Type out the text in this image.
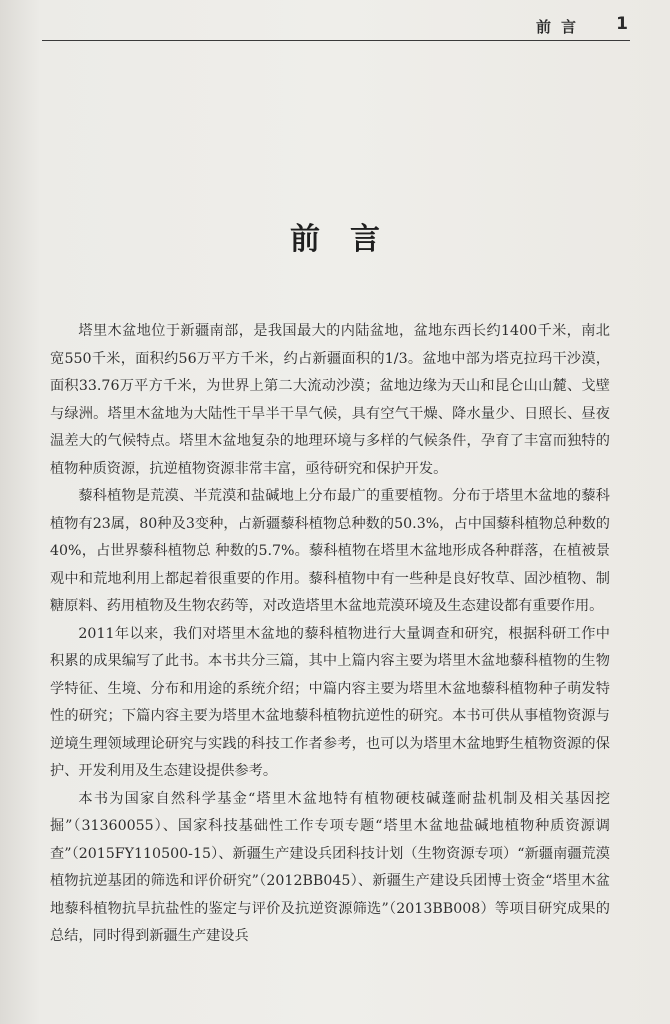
前言 1
前言

塔里木盆地位于新疆南部，是我国最大的内陆盆地，盆地东西长约1400千米，南北宽550千米，面积约56万平方千米，约占新疆面积的1/3。盆地中部为塔克拉玛干沙漠，面积33.76万平方千米，为世界上第二大流动沙漠；盆地边缘为天山和昆仑山山麓、戈壁与绿洲。塔里木盆地为大陆性干旱半干旱气候，具有空气干燥、降水量少、日照长、昼夜温差大的气候特点。塔里木盆地复杂的地理环境与多样的气候条件，孕育了丰富而独特的植物种质资源，抗逆植物资源非常丰富，亟待研究和保护开发。

藜科植物是荒漠、半荒漠和盐碱地上分布最广的重要植物。分布于塔里木盆地的藜科植物有23属，80种及3变种，占新疆藜科植物总种数的50.3%，占中国藜科植物总种数的40%，占世界藜科植物总 种数的5.7%。藜科植物在塔里木盆地形成各种群落，在植被景观中和荒地利用上都起着很重要的作用。藜科植物中有一些种是良好牧草、固沙植物、制糖原料、药用植物及生物农药等，对改造塔里木盆地荒漠环境及生态建设都有重要作用。

2011年以来，我们对塔里木盆地的藜科植物进行大量调查和研究，根据科研工作中积累的成果编写了此书。本书共分三篇，其中上篇内容主要为塔里木盆地藜科植物的生物学特征、生境、分布和用途的系统介绍；中篇内容主要为塔里木盆地藜科植物种子萌发特性的研究；下篇内容主要为塔里木盆地藜科植物抗逆性的研究。本书可供从事植物资源与逆境生理领域理论研究与实践的科技工作者参考，也可以为塔里木盆地野生植物资源的保护、开发利用及生态建设提供参考。

本书为国家自然科学基金“塔里木盆地特有植物硬枝碱蓬耐盐机制及相关基因挖掘”（31360055）、国家科技基础性工作专项专题“塔里木盆地盐碱地植物种质资源调查”（2015FY110500-15）、新疆生产建设兵团科技计划（生物资源专项）“新疆南疆荒漠植物抗逆基团的筛选和评价研究”（2012BB045）、新疆生产建设兵团博士资金“塔里木盆地藜科植物抗旱抗盐性的鉴定与评价及抗逆资源筛选”（2013BB008）等项目研究成果的总结，同时得到新疆生产建设兵
